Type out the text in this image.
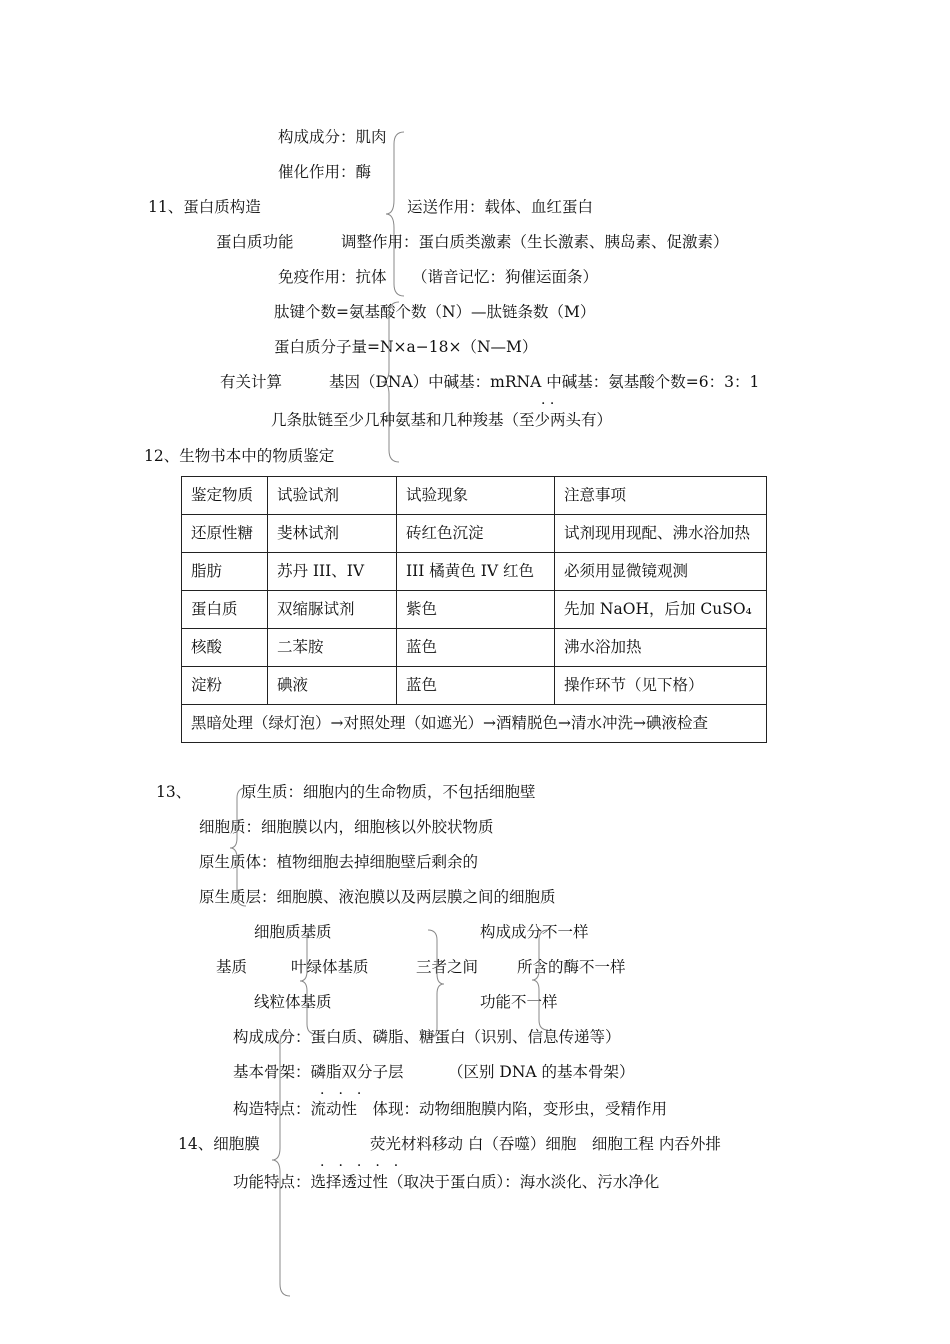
构成成分：肌肉
催化作用：酶
11、蛋白质构造	运送作用：载体、血红蛋白
蛋白质功能	调整作用：蛋白质类激素（生长激素、胰岛素、促激素）
免疫作用：抗体 （谐音记忆：狗催运面条）
肽键个数=氨基酸个数（N）—肽链条数（M）
蛋白质分子量=N×a−18×（N—M）
有关计算	基因（DNA）中碱基：mRNA 中碱基：氨基酸个数=6：3：1
· ·
几条肽链至少几种氨基和几种羧基（至少两头有）
12、生物书本中的物质鉴定
鉴定物质	试验试剂	试验现象	注意事项
还原性糖	斐林试剂	砖红色沉淀	试剂现用现配、沸水浴加热
脂肪	苏丹 III、IV	III 橘黄色 IV 红色	必须用显微镜观测
蛋白质	双缩脲试剂	紫色	先加 NaOH，后加 CuSO₄
核酸	二苯胺	蓝色	沸水浴加热
淀粉	碘液	蓝色	操作环节（见下格）
黑暗处理（绿灯泡）→对照处理（如遮光）→酒精脱色→清水冲洗→碘液检查			
13、	原生质：细胞内的生命物质，不包括细胞壁
细胞质：细胞膜以内，细胞核以外胶状物质
原生质体：植物细胞去掉细胞壁后剩余的
原生质层：细胞膜、液泡膜以及两层膜之间的细胞质
细胞质基质	构成成分不一样
基质	叶绿体基质	三者之间	所含的酶不一样
线粒体基质	功能不一样
构成成分：蛋白质、磷脂、糖蛋白（识别、信息传递等）
基本骨架：磷脂双分子层	（区别 DNA 的基本骨架）
·　·　·
构造特点：流动性　体现：动物细胞膜内陷，变形虫，受精作用
14、细胞膜	荧光材料移动 白（吞噬）细胞　细胞工程 内吞外排
·　·　·　·　·
功能特点：选择透过性（取决于蛋白质）：海水淡化、污水净化
